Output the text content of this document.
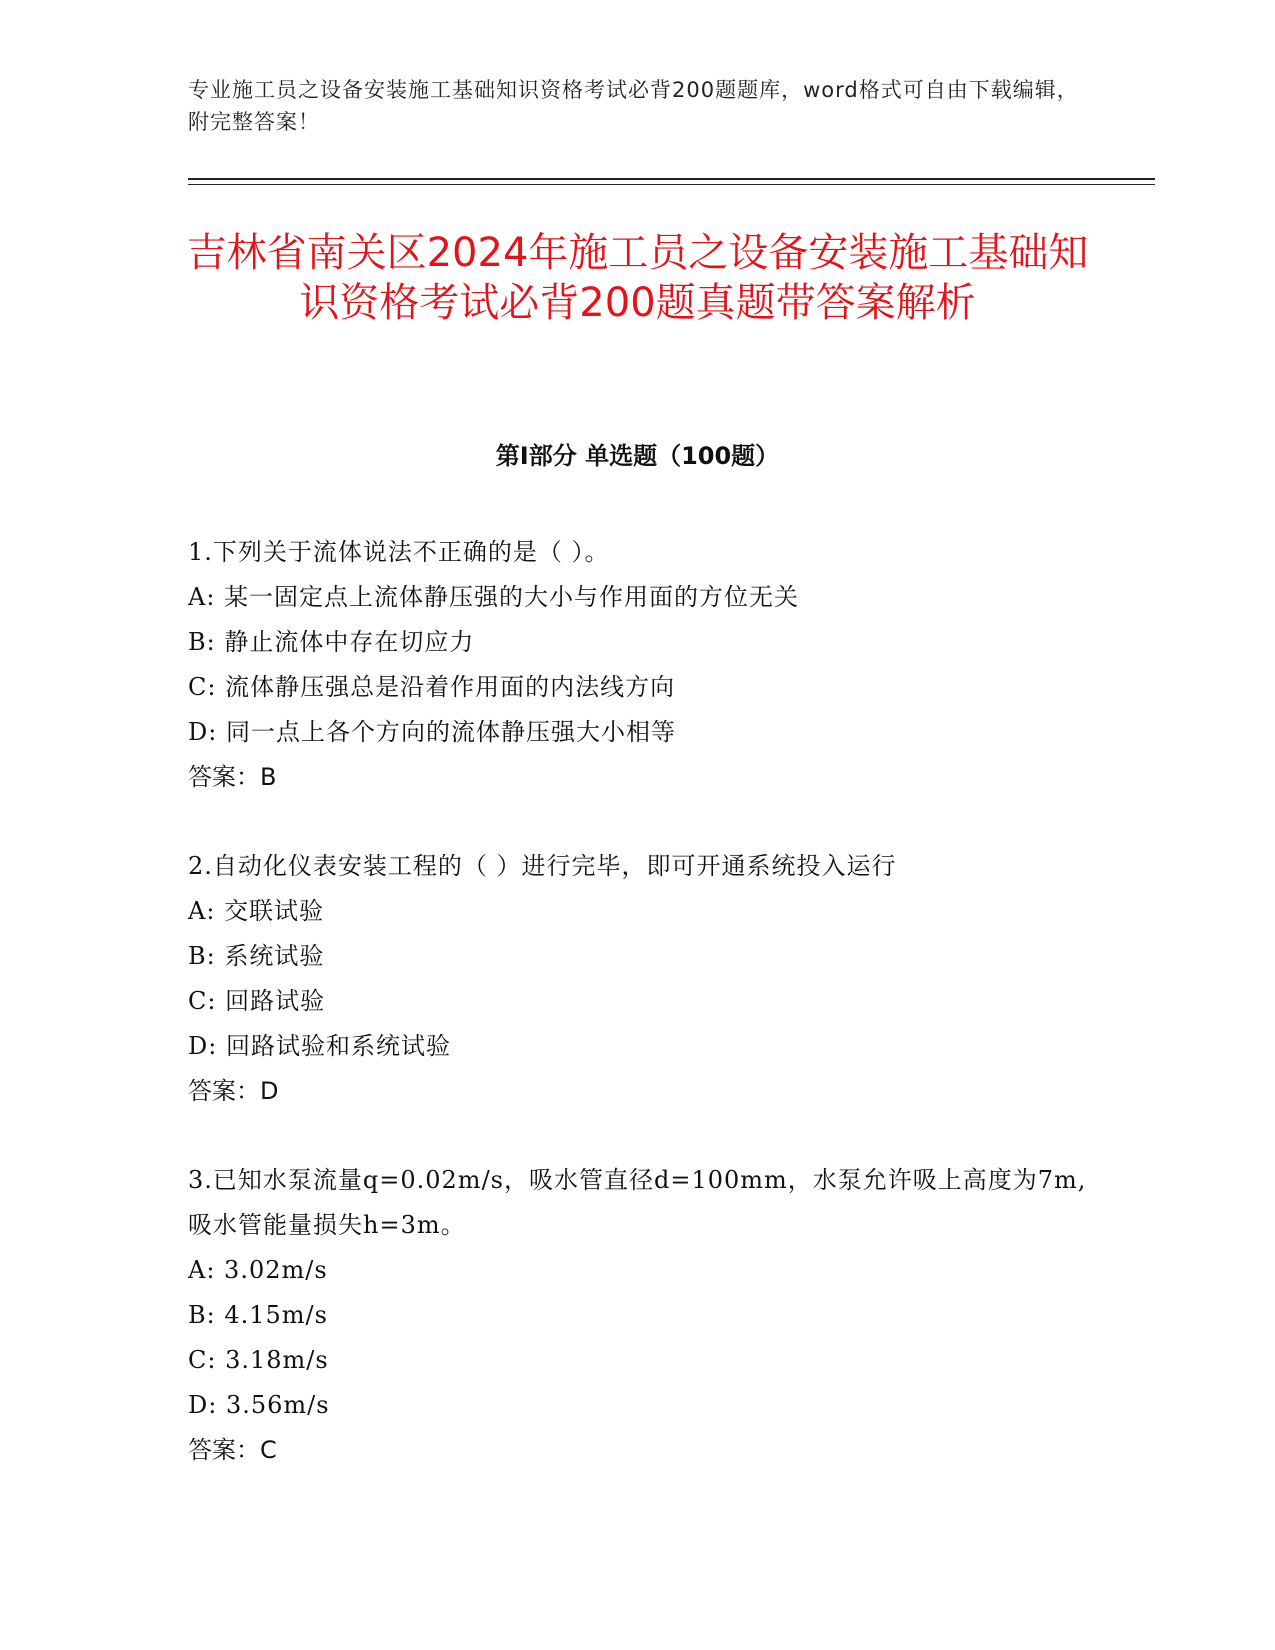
专业施工员之设备安装施工基础知识资格考试必背200题题库，word格式可自由下载编辑，附完整答案！
吉林省南关区2024年施工员之设备安装施工基础知识资格考试必背200题真题带答案解析
第Ⅰ部分 单选题（100题）
1.下列关于流体说法不正确的是（ ）。
A: 某一固定点上流体静压强的大小与作用面的方位无关
B: 静止流体中存在切应力
C: 流体静压强总是沿着作用面的内法线方向
D: 同一点上各个方向的流体静压强大小相等
答案：B
2.自动化仪表安装工程的（ ）进行完毕，即可开通系统投入运行
A: 交联试验
B: 系统试验
C: 回路试验
D: 回路试验和系统试验
答案：D
3.已知水泵流量q=0.02m/s，吸水管直径d=100mm，水泵允许吸上高度为7m,吸水管能量损失h=3m。
A: 3.02m/s
B: 4.15m/s
C: 3.18m/s
D: 3.56m/s
答案：C
